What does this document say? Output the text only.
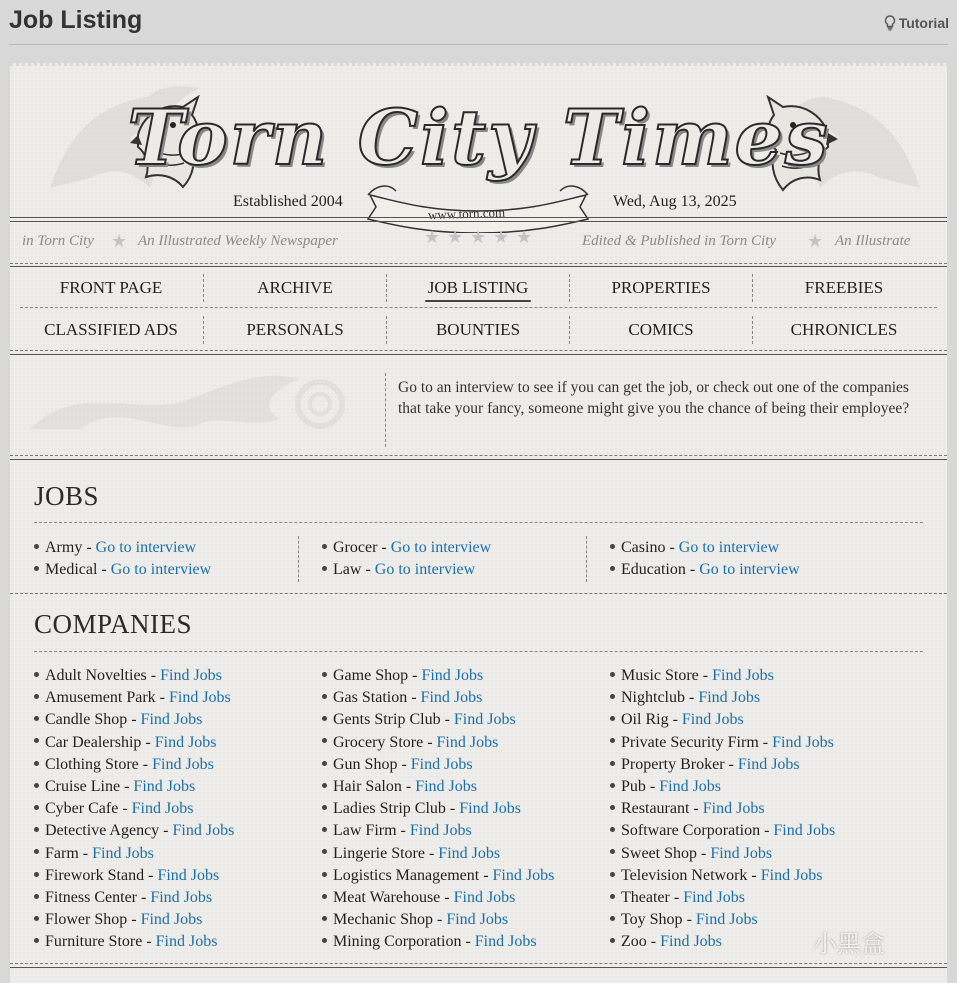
Job Listing	Tutorial
Torn City Times
Established 2004	Wed, Aug 13, 2025
www.torn.com
in Torn City ★ An Illustrated Weekly Newspaper	★ ★ ★ ★ ★	Edited & Published in Torn City ★ An Illustrate
FRONT PAGE	ARCHIVE	JOB LISTING	PROPERTIES	FREEBIES
CLASSIFIED ADS	PERSONALS	BOUNTIES	COMICS	CHRONICLES
Go to an interview to see if you can get the job, or check out one of the companies that take your fancy, someone might give you the chance of being their employee?
JOBS
Army - Go to interview
Medical - Go to interview
Grocer - Go to interview
Law - Go to interview
Casino - Go to interview
Education - Go to interview
COMPANIES
Adult Novelties - Find Jobs
Amusement Park - Find Jobs
Candle Shop - Find Jobs
Car Dealership - Find Jobs
Clothing Store - Find Jobs
Cruise Line - Find Jobs
Cyber Cafe - Find Jobs
Detective Agency - Find Jobs
Farm - Find Jobs
Firework Stand - Find Jobs
Fitness Center - Find Jobs
Flower Shop - Find Jobs
Furniture Store - Find Jobs
Game Shop - Find Jobs
Gas Station - Find Jobs
Gents Strip Club - Find Jobs
Grocery Store - Find Jobs
Gun Shop - Find Jobs
Hair Salon - Find Jobs
Ladies Strip Club - Find Jobs
Law Firm - Find Jobs
Lingerie Store - Find Jobs
Logistics Management - Find Jobs
Meat Warehouse - Find Jobs
Mechanic Shop - Find Jobs
Mining Corporation - Find Jobs
Music Store - Find Jobs
Nightclub - Find Jobs
Oil Rig - Find Jobs
Private Security Firm - Find Jobs
Property Broker - Find Jobs
Pub - Find Jobs
Restaurant - Find Jobs
Software Corporation - Find Jobs
Sweet Shop - Find Jobs
Television Network - Find Jobs
Theater - Find Jobs
Toy Shop - Find Jobs
Zoo - Find Jobs	小黑盒
